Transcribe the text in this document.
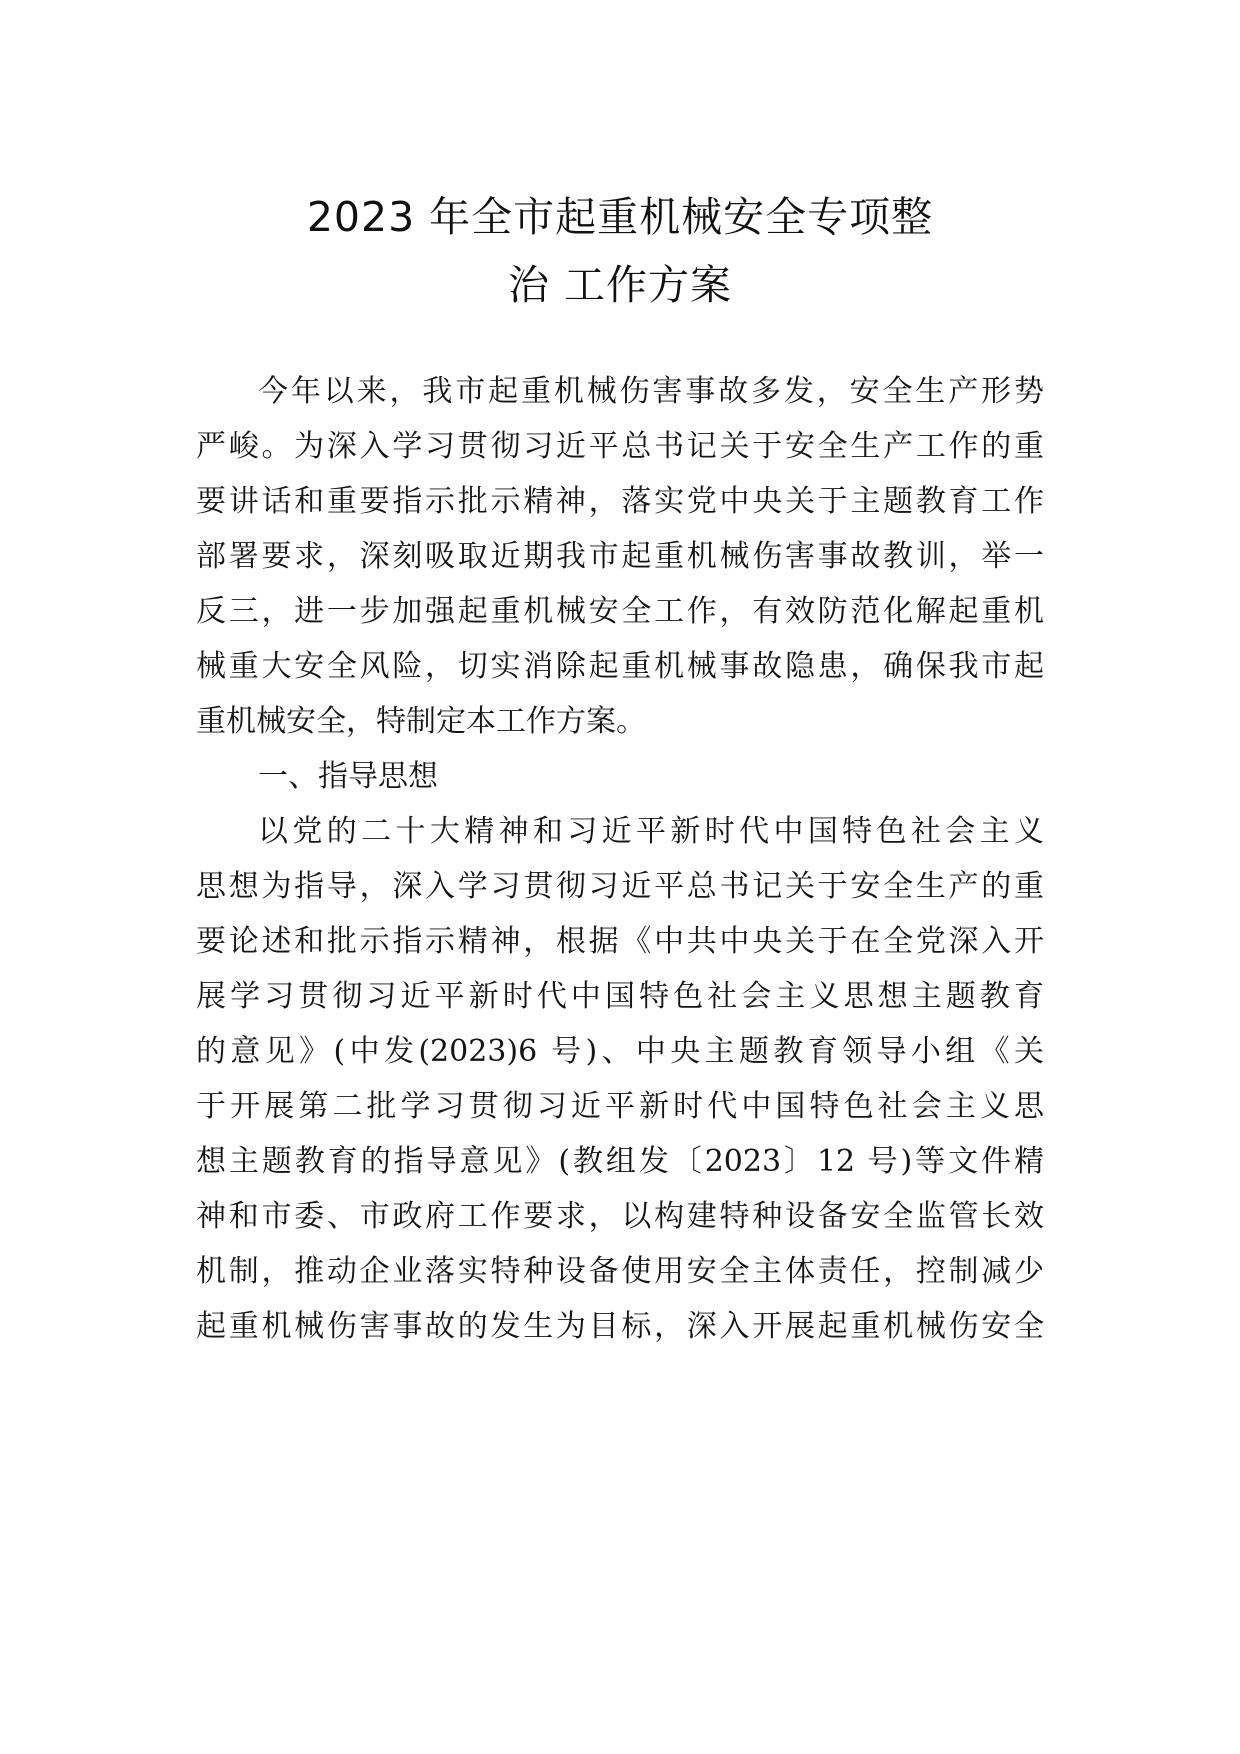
2023 年全市起重机械安全专项整
治 工作方案
今年以来，我市起重机械伤害事故多发，安全生产形势
严峻。为深入学习贯彻习近平总书记关于安全生产工作的重
要讲话和重要指示批示精神，落实党中央关于主题教育工作
部署要求，深刻吸取近期我市起重机械伤害事故教训，举一
反三，进一步加强起重机械安全工作，有效防范化解起重机
械重大安全风险，切实消除起重机械事故隐患，确保我市起
重机械安全，特制定本工作方案。
一、指导思想
以党的二十大精神和习近平新时代中国特色社会主义
思想为指导，深入学习贯彻习近平总书记关于安全生产的重
要论述和批示指示精神，根据《中共中央关于在全党深入开
展学习贯彻习近平新时代中国特色社会主义思想主题教育
的意见》(中发(2023)6 号)、中央主题教育领导小组《关
于开展第二批学习贯彻习近平新时代中国特色社会主义思
想主题教育的指导意见》(教组发〔2023〕12 号)等文件精
神和市委、市政府工作要求，以构建特种设备安全监管长效
机制，推动企业落实特种设备使用安全主体责任，控制减少
起重机械伤害事故的发生为目标，深入开展起重机械伤安全
